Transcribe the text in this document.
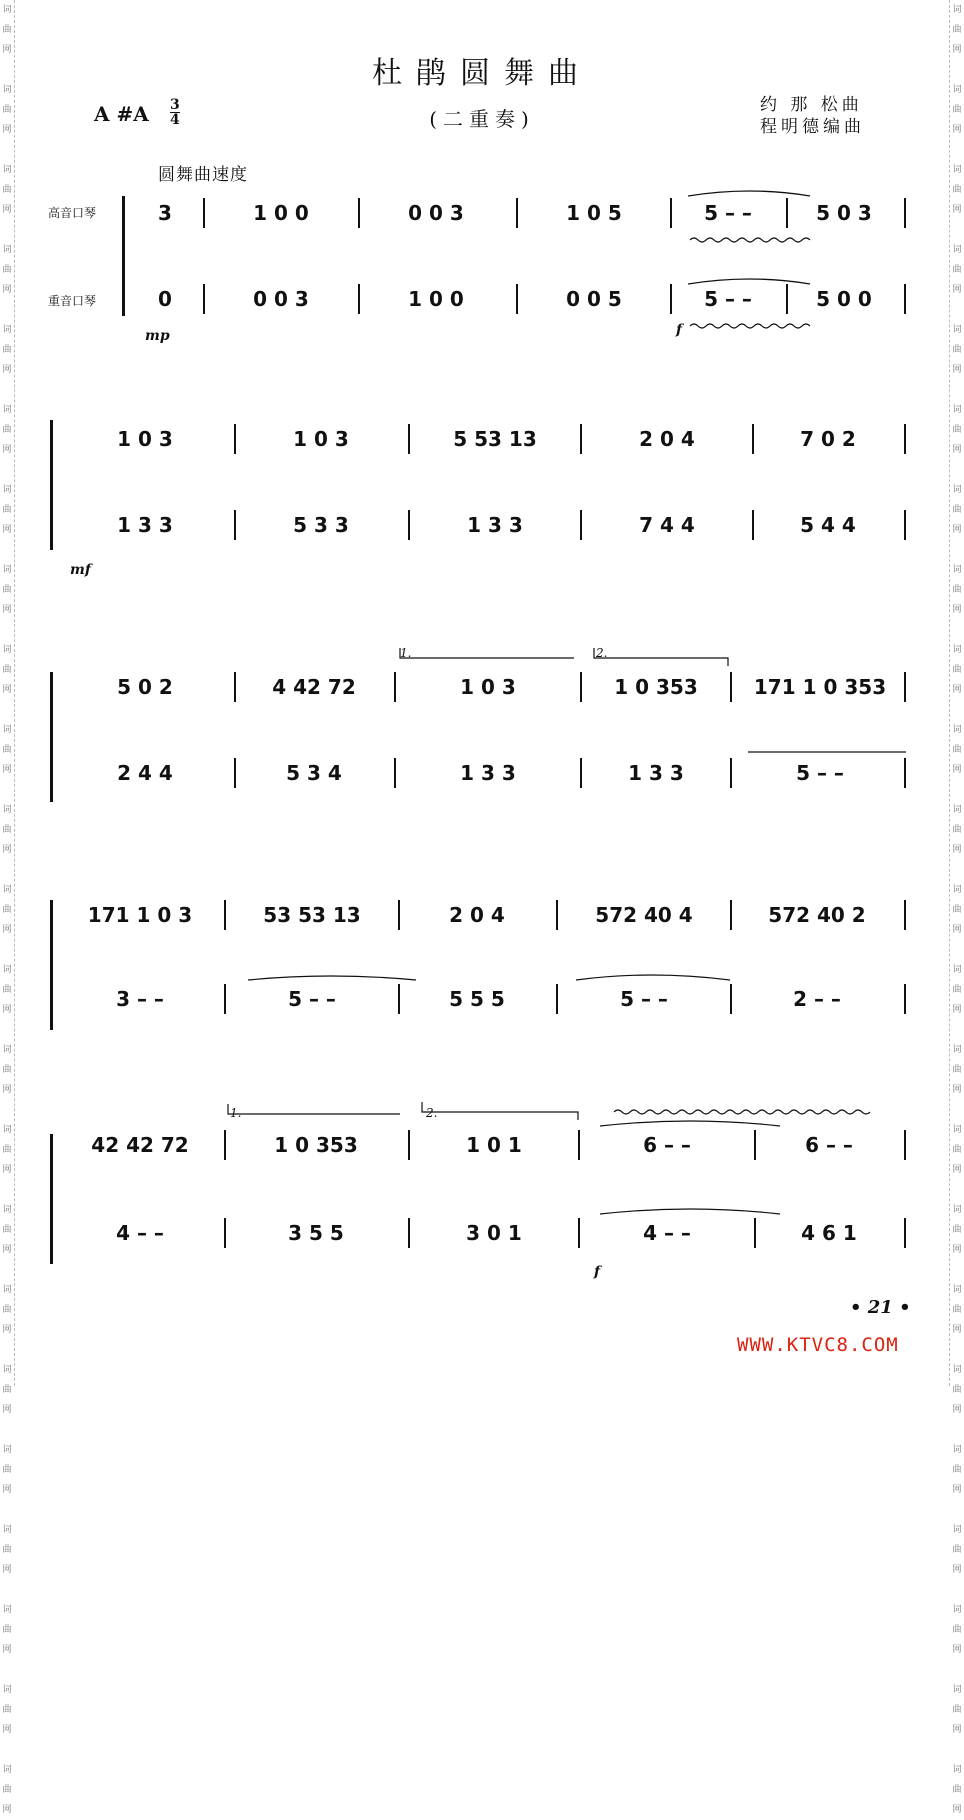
词
曲
网

词
曲
网

词
曲
网

词
曲
网

词
曲
网

词
曲
网

词
曲
网

词
曲
网

词
曲
网

词
曲
网

词
曲
网

词
曲
网

词
曲
网

词
曲
网

词
曲
网

词
曲
网

词
曲
网

词
曲
网

词
曲
网

词
曲
网

词
曲
网

词
曲
网

词
曲
网
词
曲
网

词
曲
网

词
曲
网

词
曲
网

词
曲
网

词
曲
网

词
曲
网

词
曲
网

词
曲
网

词
曲
网

词
曲
网

词
曲
网

词
曲
网

词
曲
网

词
曲
网

词
曲
网

词
曲
网

词
曲
网

词
曲
网

词
曲
网

词
曲
网

词
曲
网

词
曲
网
杜鹃圆舞曲
(二重奏)
A #A 3
4
约 那 松曲
程明德编曲
圆舞曲速度
高音口琴
重音口琴
mp	f
mf
f
3	1 0 0	0 0 3	1 0 5	5 – –	5 0 3
0	0 0 3	1 0 0	0 0 5	5 – –	5 0 0
1 0 3	1 0 3	5 53 13	2 0 4	7 0 2
1 3 3	5 3 3	1 3 3	7 4 4	5 4 4
1.	2.
5 0 2	4 42 72	1 0 3	1 0 353	171 1 0 353
2 4 4	5 3 4	1 3 3	1 3 3	5 – –
171 1 0 3	53 53 13	2 0 4	572 40 4	572 40 2
3 – –	5 – –	5 5 5	5 – –	2 – –
1.	2.
42 42 72	1 0 353	1 0 1	6 – –	6 – –
4 – –	3 5 5	3 0 1	4 – –	4 6 1
• 21 •
WWW.KTVC8.COM
